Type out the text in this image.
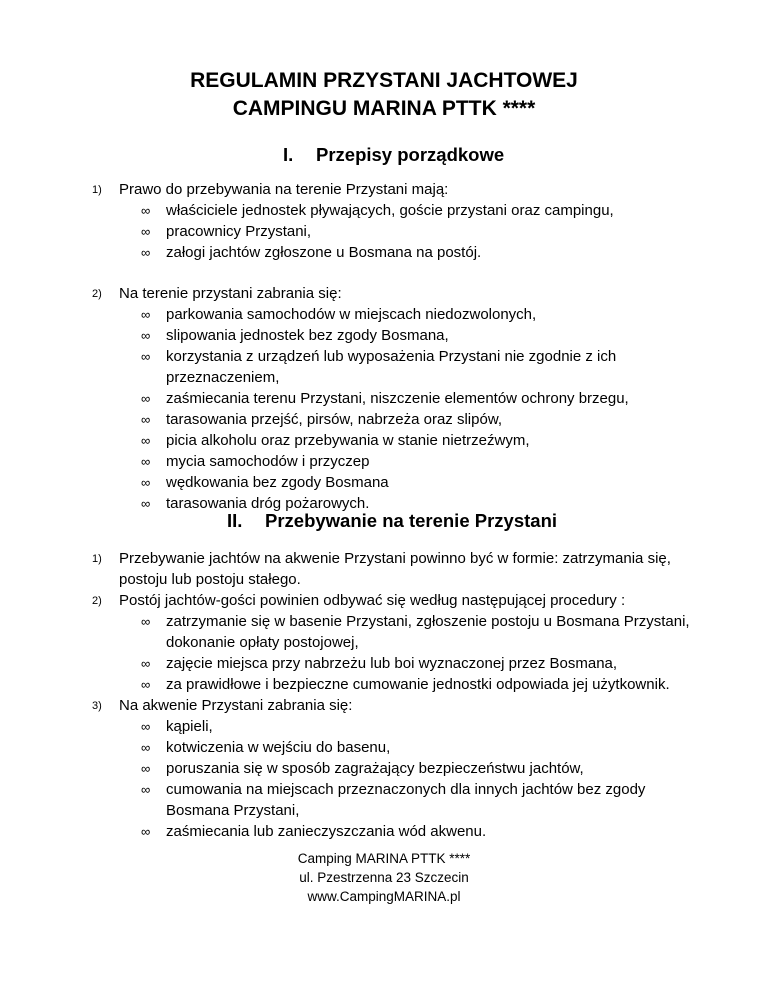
REGULAMIN PRZYSTANI JACHTOWEJ
CAMPINGU MARINA PTTK ****
I. Przepisy porządkowe
1) Prawo do przebywania na terenie Przystani mają:
∞ właściciele jednostek pływających, goście przystani oraz campingu,
∞ pracownicy Przystani,
∞ załogi jachtów zgłoszone u Bosmana na postój.
2) Na terenie przystani zabrania się:
∞ parkowania samochodów w miejscach niedozwolonych,
∞ slipowania jednostek bez zgody Bosmana,
∞ korzystania z urządzeń lub wyposażenia Przystani nie zgodnie z ich
przeznaczeniem,
∞ zaśmiecania terenu Przystani, niszczenie elementów ochrony brzegu,
∞ tarasowania przejść, pirsów, nabrzeża oraz slipów,
∞ picia alkoholu oraz przebywania w stanie nietrzeźwym,
∞ mycia samochodów i przyczep
∞ wędkowania bez zgody Bosmana
∞ tarasowania dróg pożarowych.
II. Przebywanie na terenie Przystani
1) Przebywanie jachtów na akwenie Przystani powinno być w formie: zatrzymania się,
postoju lub postoju stałego.
2) Postój jachtów-gości powinien odbywać się według następującej procedury :
∞ zatrzymanie się w basenie Przystani, zgłoszenie postoju u Bosmana Przystani,
dokonanie opłaty postojowej,
∞ zajęcie miejsca przy nabrzeżu lub boi wyznaczonej przez Bosmana,
∞ za prawidłowe i bezpieczne cumowanie jednostki odpowiada jej użytkownik.
3) Na akwenie Przystani zabrania się:
∞ kąpieli,
∞ kotwiczenia w wejściu do basenu,
∞ poruszania się w sposób zagrażający bezpieczeństwu jachtów,
∞ cumowania na miejscach przeznaczonych dla innych jachtów bez zgody
Bosmana Przystani,
∞ zaśmiecania lub zanieczyszczania wód akwenu.
Camping MARINA PTTK ****
ul. Pzestrzenna 23 Szczecin
www.CampingMARINA.pl
